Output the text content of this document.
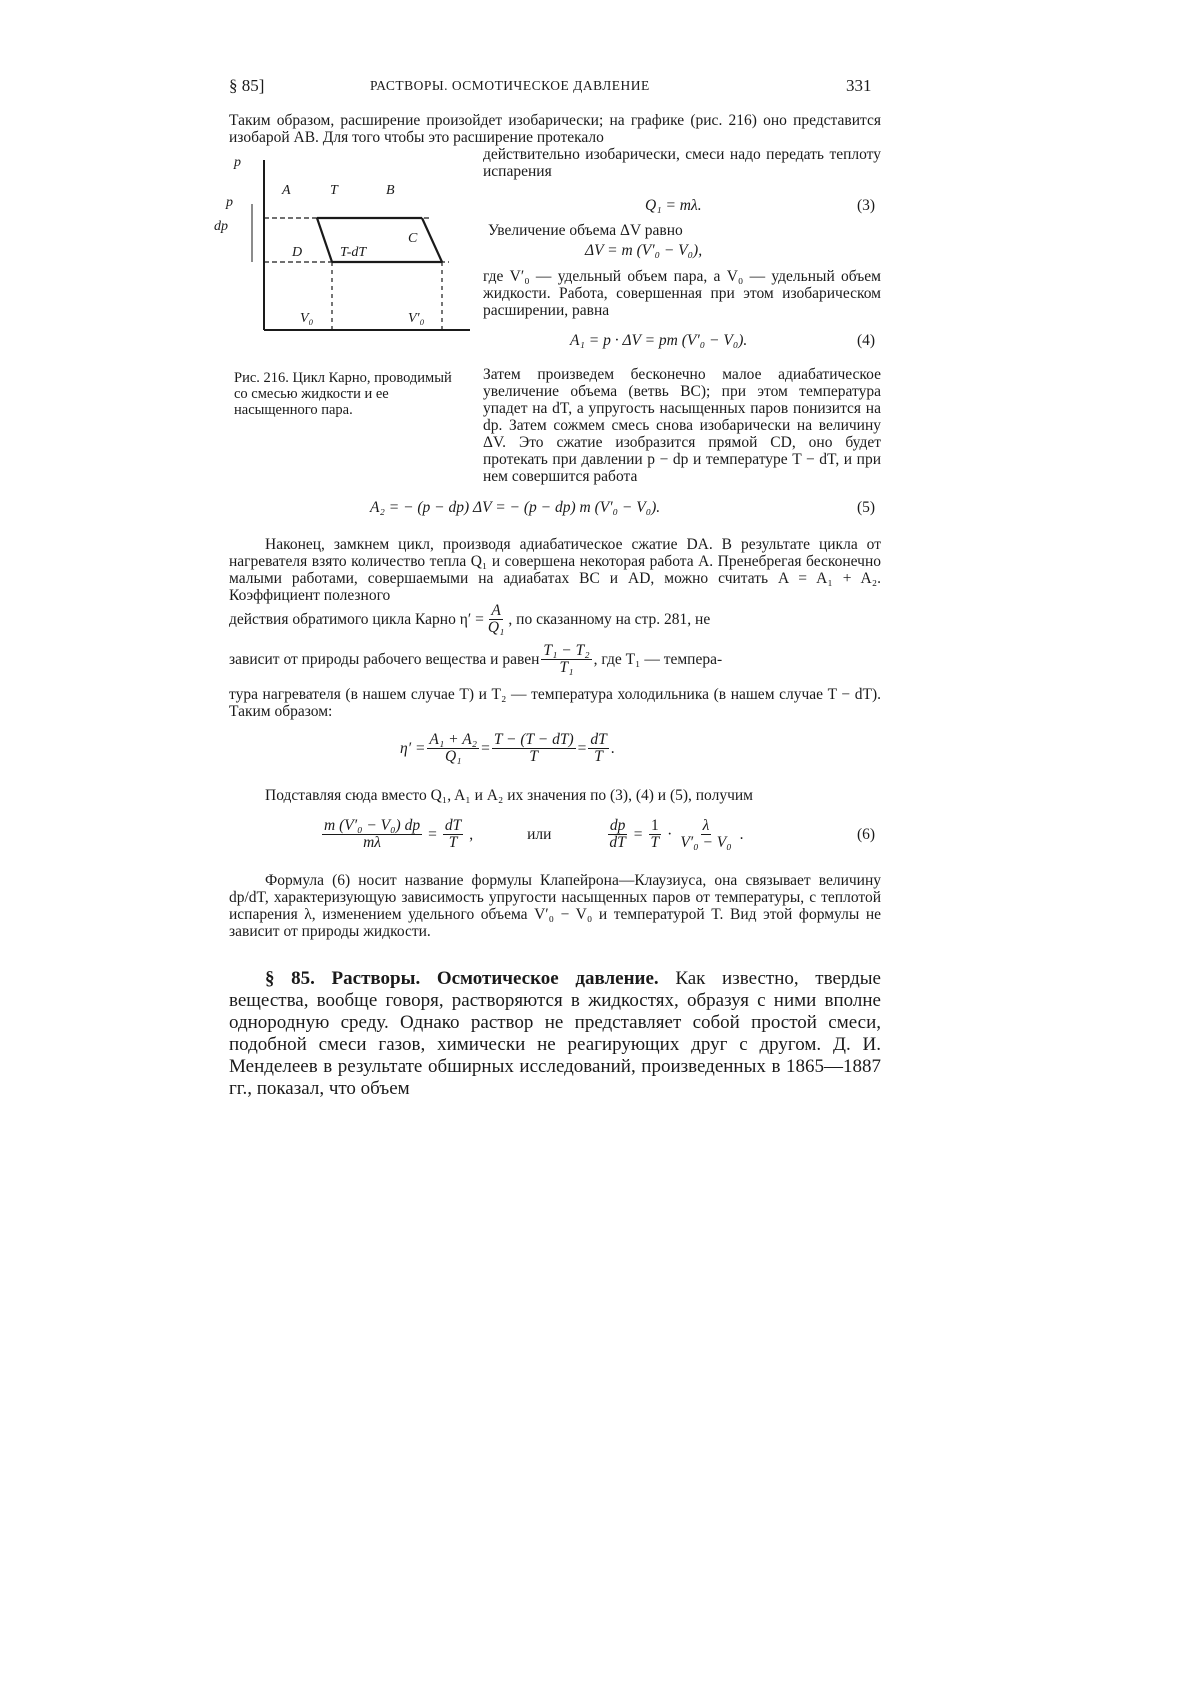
§ 85]	РАСТВОРЫ. ОСМОТИЧЕСКОЕ ДАВЛЕНИЕ	331

Таким образом, расширение произойдет изобарически; на графике (рис. 216) оно представится изобарой AB. Для того чтобы это расширение протекало

действительно изобарически, смеси надо передать теплоту испарения

Q₁ = mλ.	(3)

Увеличение объема ΔV равно

ΔV = m (V′₀ − V₀),

где V′₀ — удельный объем пара, а V₀ — удельный объем жидкости. Работа, совершенная при этом изобарическом расширении, равна

A₁ = p · ΔV = pm (V′₀ − V₀).	(4)
p
p
dp
A	T	B
C
D	T-dT
V₀	V′₀

Рис. 216. Цикл Карно, проводимый со смесью жидкости и ее насыщенного пара.

Затем произведем бесконечно малое адиабатическое увеличение объема (ветвь BC); при этом температура упадет на dT, а упругость насыщенных паров понизится на dp. Затем сожмем смесь снова изобарически на величину ΔV. Это сжатие изобразится прямой CD, оно будет протекать при давлении p − dp и температуре T − dT, и при нем совершится работа

A₂ = − (p − dp) ΔV = − (p − dp) m (V′₀ − V₀).	(5)

Наконец, замкнем цикл, производя адиабатическое сжатие DA. В результате цикла от нагревателя взято количество тепла Q₁ и совершена некоторая работа A. Пренебрегая бесконечно малыми работами, совершаемыми на адиабатах BC и AD, можно считать A = A₁ + A₂. Коэффициент полезного

действия обратимого цикла Карно $\eta' = \frac{A}{\text{Q₁}}$ , по сказанному на стр. 281, не
зависит от природы рабочего вещества и равен $\frac{\text{T₁ − T₂}}{\text{T₁}}$ , где T₁ — темпера-

тура нагревателя (в нашем случае T) и T₂ — температура холодильника (в нашем случае T − dT). Таким образом:

$\eta' = \frac{\text{A₁ + A₂}}{\text{Q₁}} = \frac{T - (T - dT)}{T} = \frac{dT}{T}$ .

Подставляя сюда вместо Q₁, A₁ и A₂ их значения по (3), (4) и (5), получим

$\frac{\text{m (V′₀ − V₀) dp}}{m\lambda} = \frac{dT}{T}$ ,	или	$\frac{dp}{dT} = \frac{1}{T} \cdot \frac{\lambda}{\text{V′₀ − V₀}}$ .	(6)

Формула (6) носит название формулы Клапейрона—Клаузиуса, она связывает величину dp/dT, характеризующую зависимость упругости насыщенных паров от температуры, с теплотой испарения λ, изменением удельного объема V′₀ − V₀ и температурой T. Вид этой формулы не зависит от природы жидкости.

§ 85. Растворы. Осмотическое давление. Как известно, твердые вещества, вообще говоря, растворяются в жидкостях, образуя с ними вполне однородную среду. Однако раствор не представляет собой простой смеси, подобной смеси газов, химически не реагирующих друг с другом. Д. И. Менделеев в результате обширных исследований, произведенных в 1865—1887 гг., показал, что объем
